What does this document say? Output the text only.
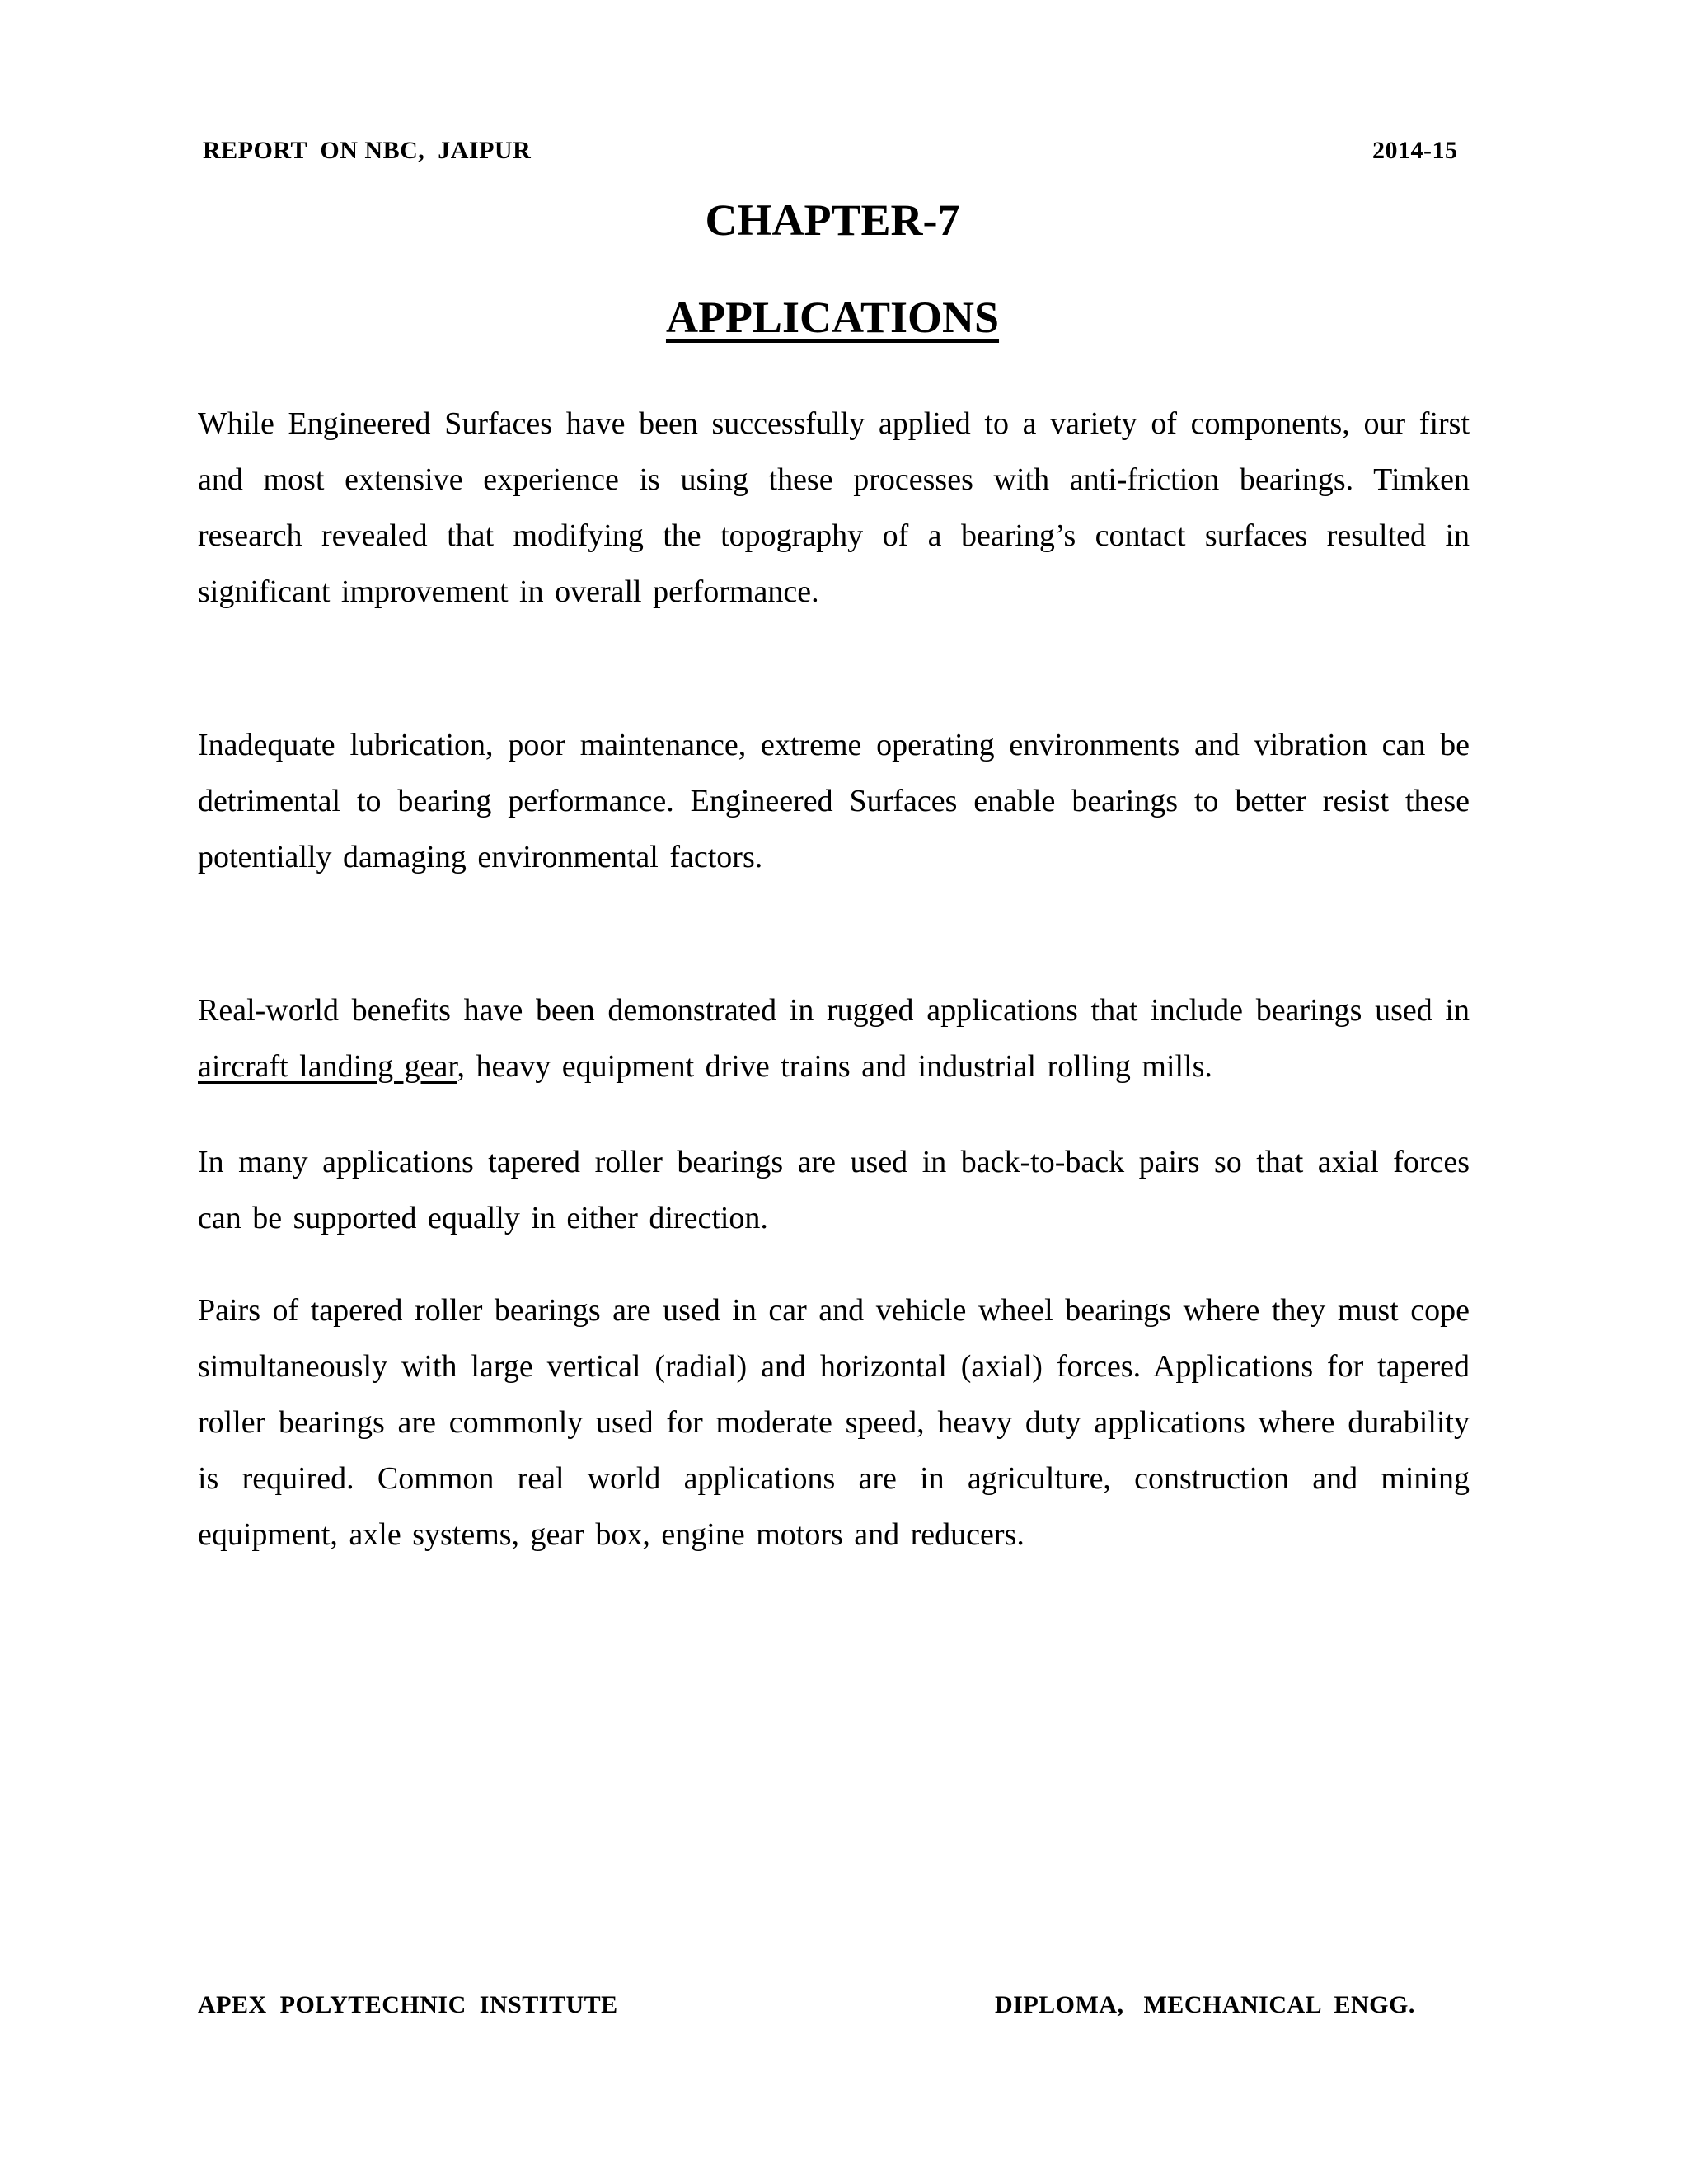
REPORT  ON NBC,  JAIPUR	2014-15
CHAPTER-7
APPLICATIONS

While Engineered Surfaces have been successfully applied to a variety of components, our first and most extensive experience is using these processes with anti-friction bearings. Timken research revealed that modifying the topography of a bearing’s contact surfaces resulted in significant improvement in overall performance.

Inadequate lubrication, poor maintenance, extreme operating environments and vibration can be detrimental to bearing performance. Engineered Surfaces enable bearings to better resist these potentially damaging environmental factors.

Real-world benefits have been demonstrated in rugged applications that include bearings used in aircraft landing gear, heavy equipment drive trains and industrial rolling mills.

In many applications tapered roller bearings are used in back-to-back pairs so that axial forces can be supported equally in either direction.

Pairs of tapered roller bearings are used in car and vehicle wheel bearings where they must cope simultaneously with large vertical (radial) and horizontal (axial) forces. Applications for tapered roller bearings are commonly used for moderate speed, heavy duty applications where durability is required. Common real world applications are in agriculture, construction and mining equipment, axle systems, gear box, engine motors and reducers.

APEX  POLYTECHNIC  INSTITUTE	DIPLOMA,   MECHANICAL  ENGG.
